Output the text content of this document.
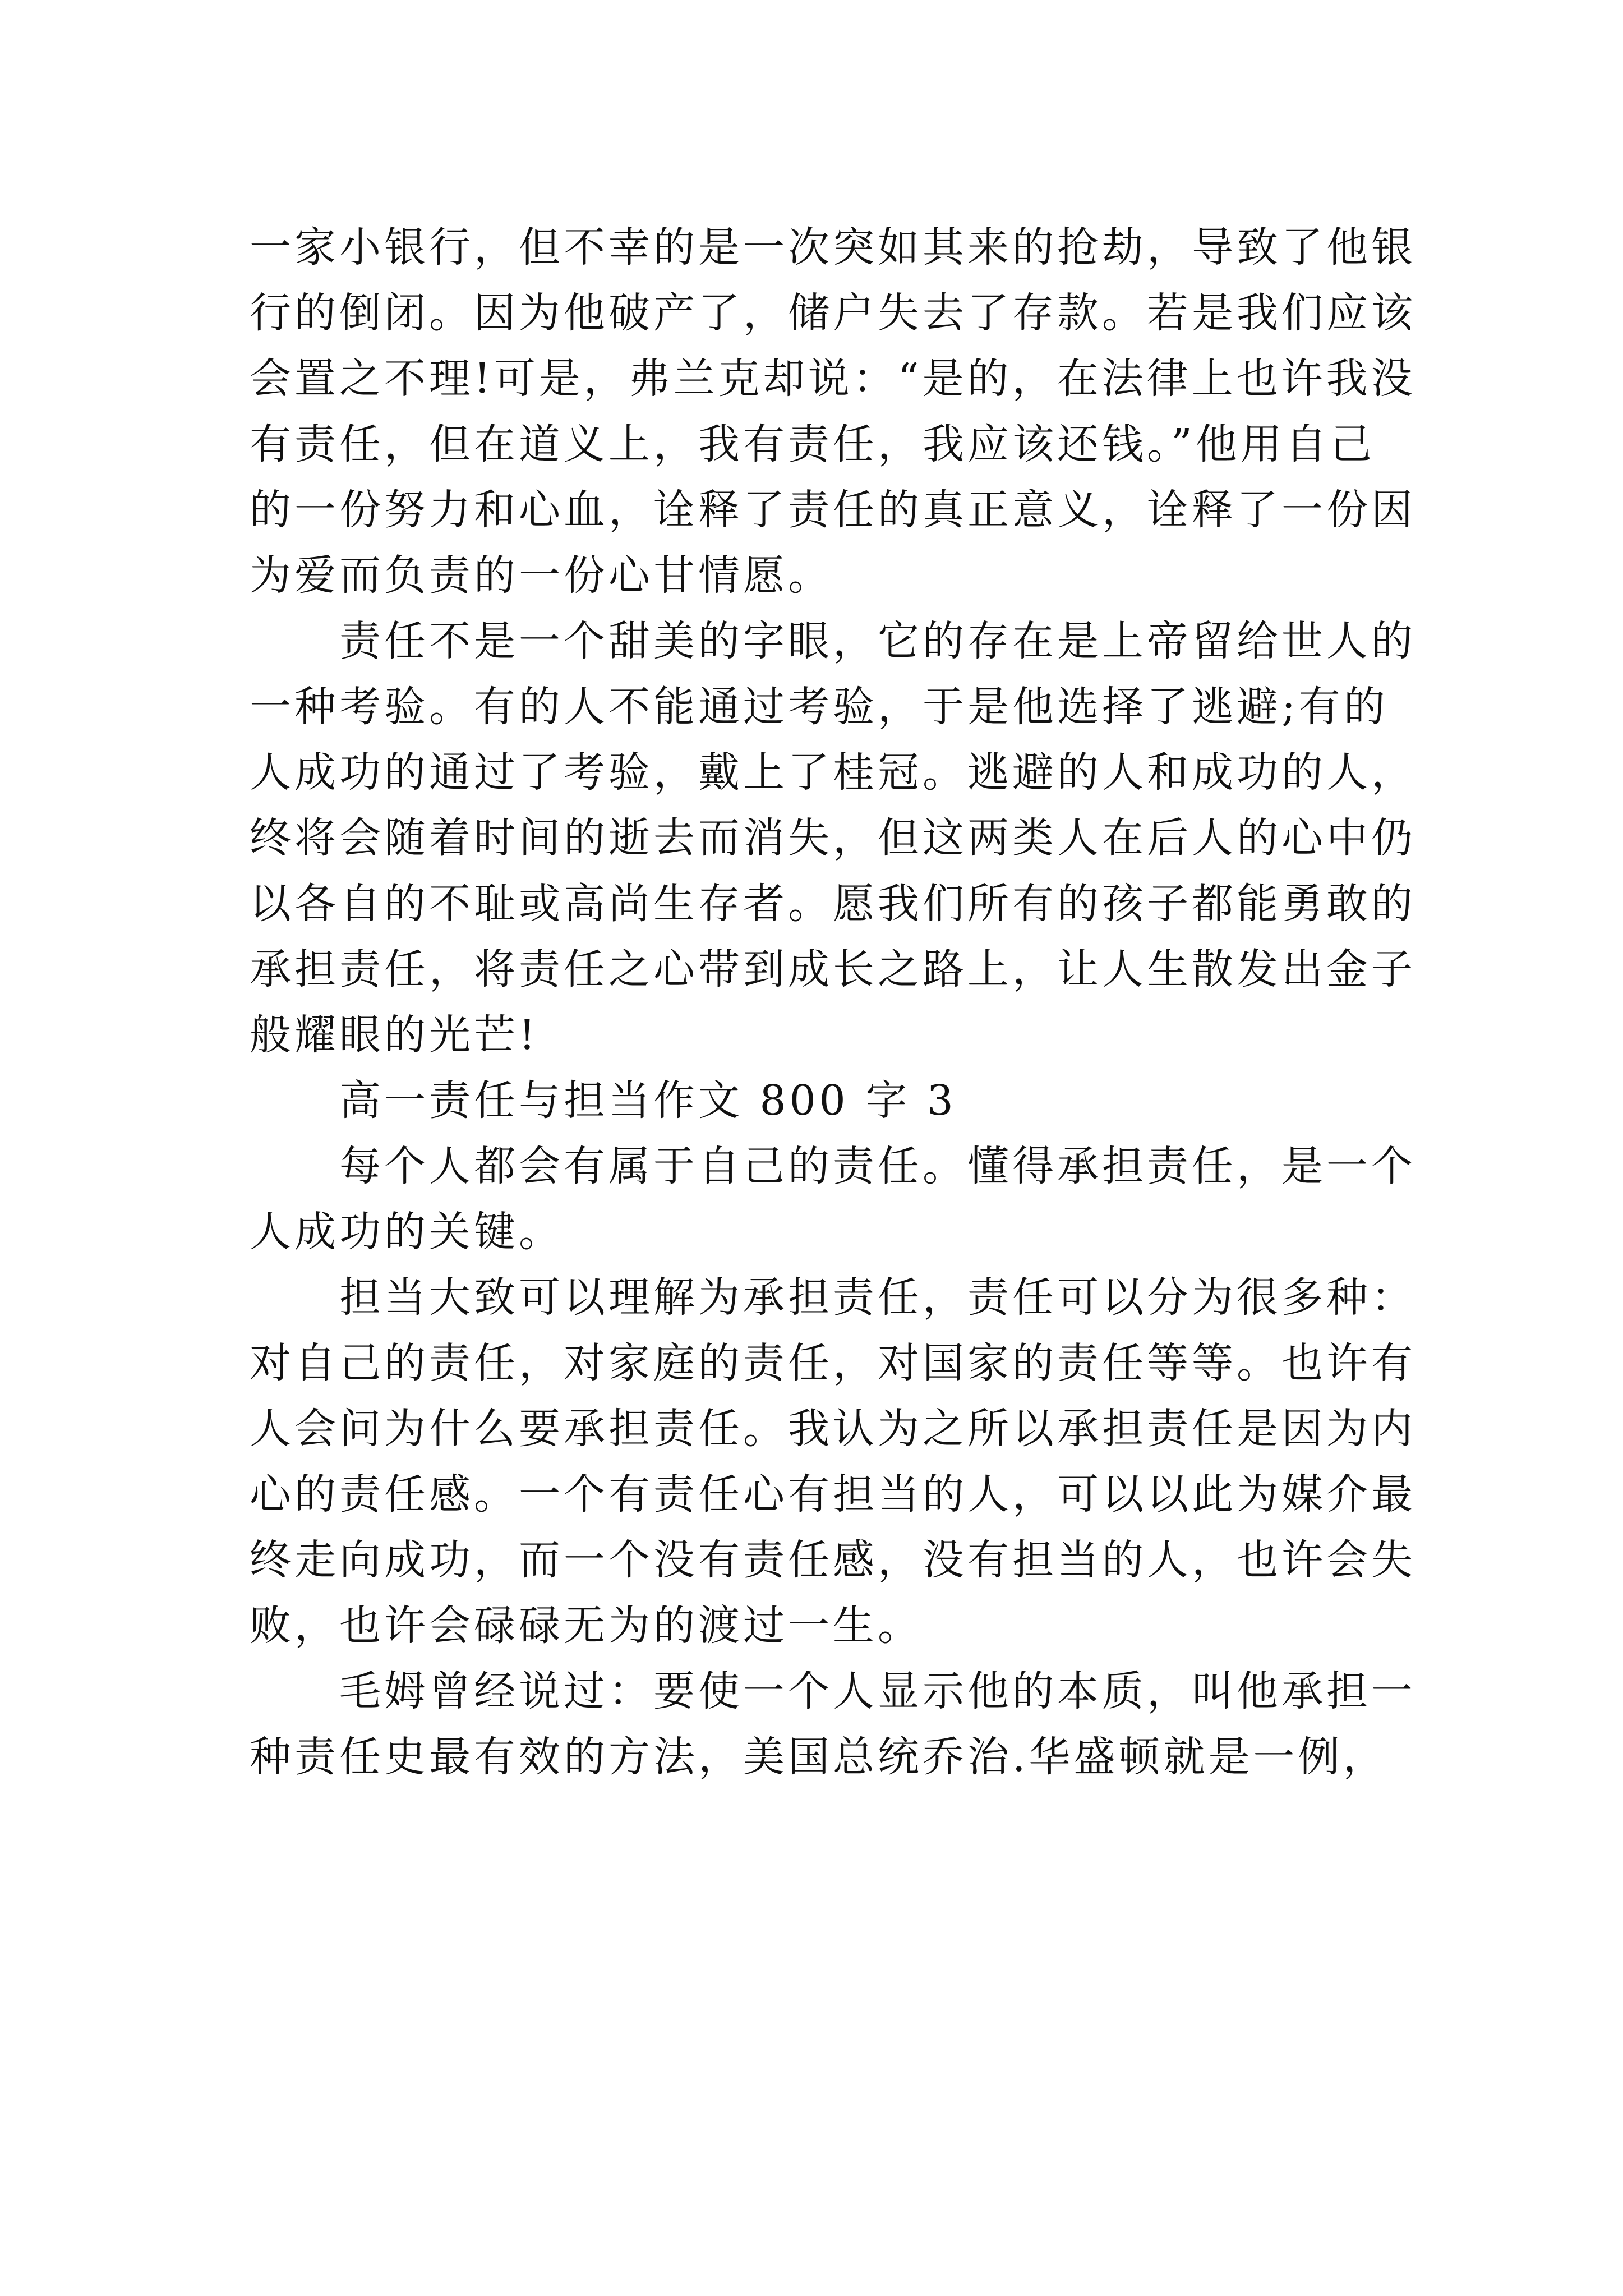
一家小银行，但不幸的是一次突如其来的抢劫，导致了他银
行的倒闭。因为他破产了，储户失去了存款。若是我们应该
会置之不理!可是，弗兰克却说：“是的，在法律上也许我没
有责任，但在道义上，我有责任，我应该还钱。”他用自己
的一份努力和心血，诠释了责任的真正意义，诠释了一份因
为爱而负责的一份心甘情愿。
　　责任不是一个甜美的字眼，它的存在是上帝留给世人的
一种考验。有的人不能通过考验，于是他选择了逃避;有的
人成功的通过了考验，戴上了桂冠。逃避的人和成功的人，
终将会随着时间的逝去而消失，但这两类人在后人的心中仍
以各自的不耻或高尚生存者。愿我们所有的孩子都能勇敢的
承担责任，将责任之心带到成长之路上，让人生散发出金子
般耀眼的光芒!
　　高一责任与担当作文 800 字 3
　　每个人都会有属于自己的责任。懂得承担责任，是一个
人成功的关键。
　　担当大致可以理解为承担责任，责任可以分为很多种：
对自己的责任，对家庭的责任，对国家的责任等等。也许有
人会问为什么要承担责任。我认为之所以承担责任是因为内
心的责任感。一个有责任心有担当的人，可以以此为媒介最
终走向成功，而一个没有责任感，没有担当的人，也许会失
败，也许会碌碌无为的渡过一生。
　　毛姆曾经说过：要使一个人显示他的本质，叫他承担一
种责任史最有效的方法，美国总统乔治.华盛顿就是一例，
